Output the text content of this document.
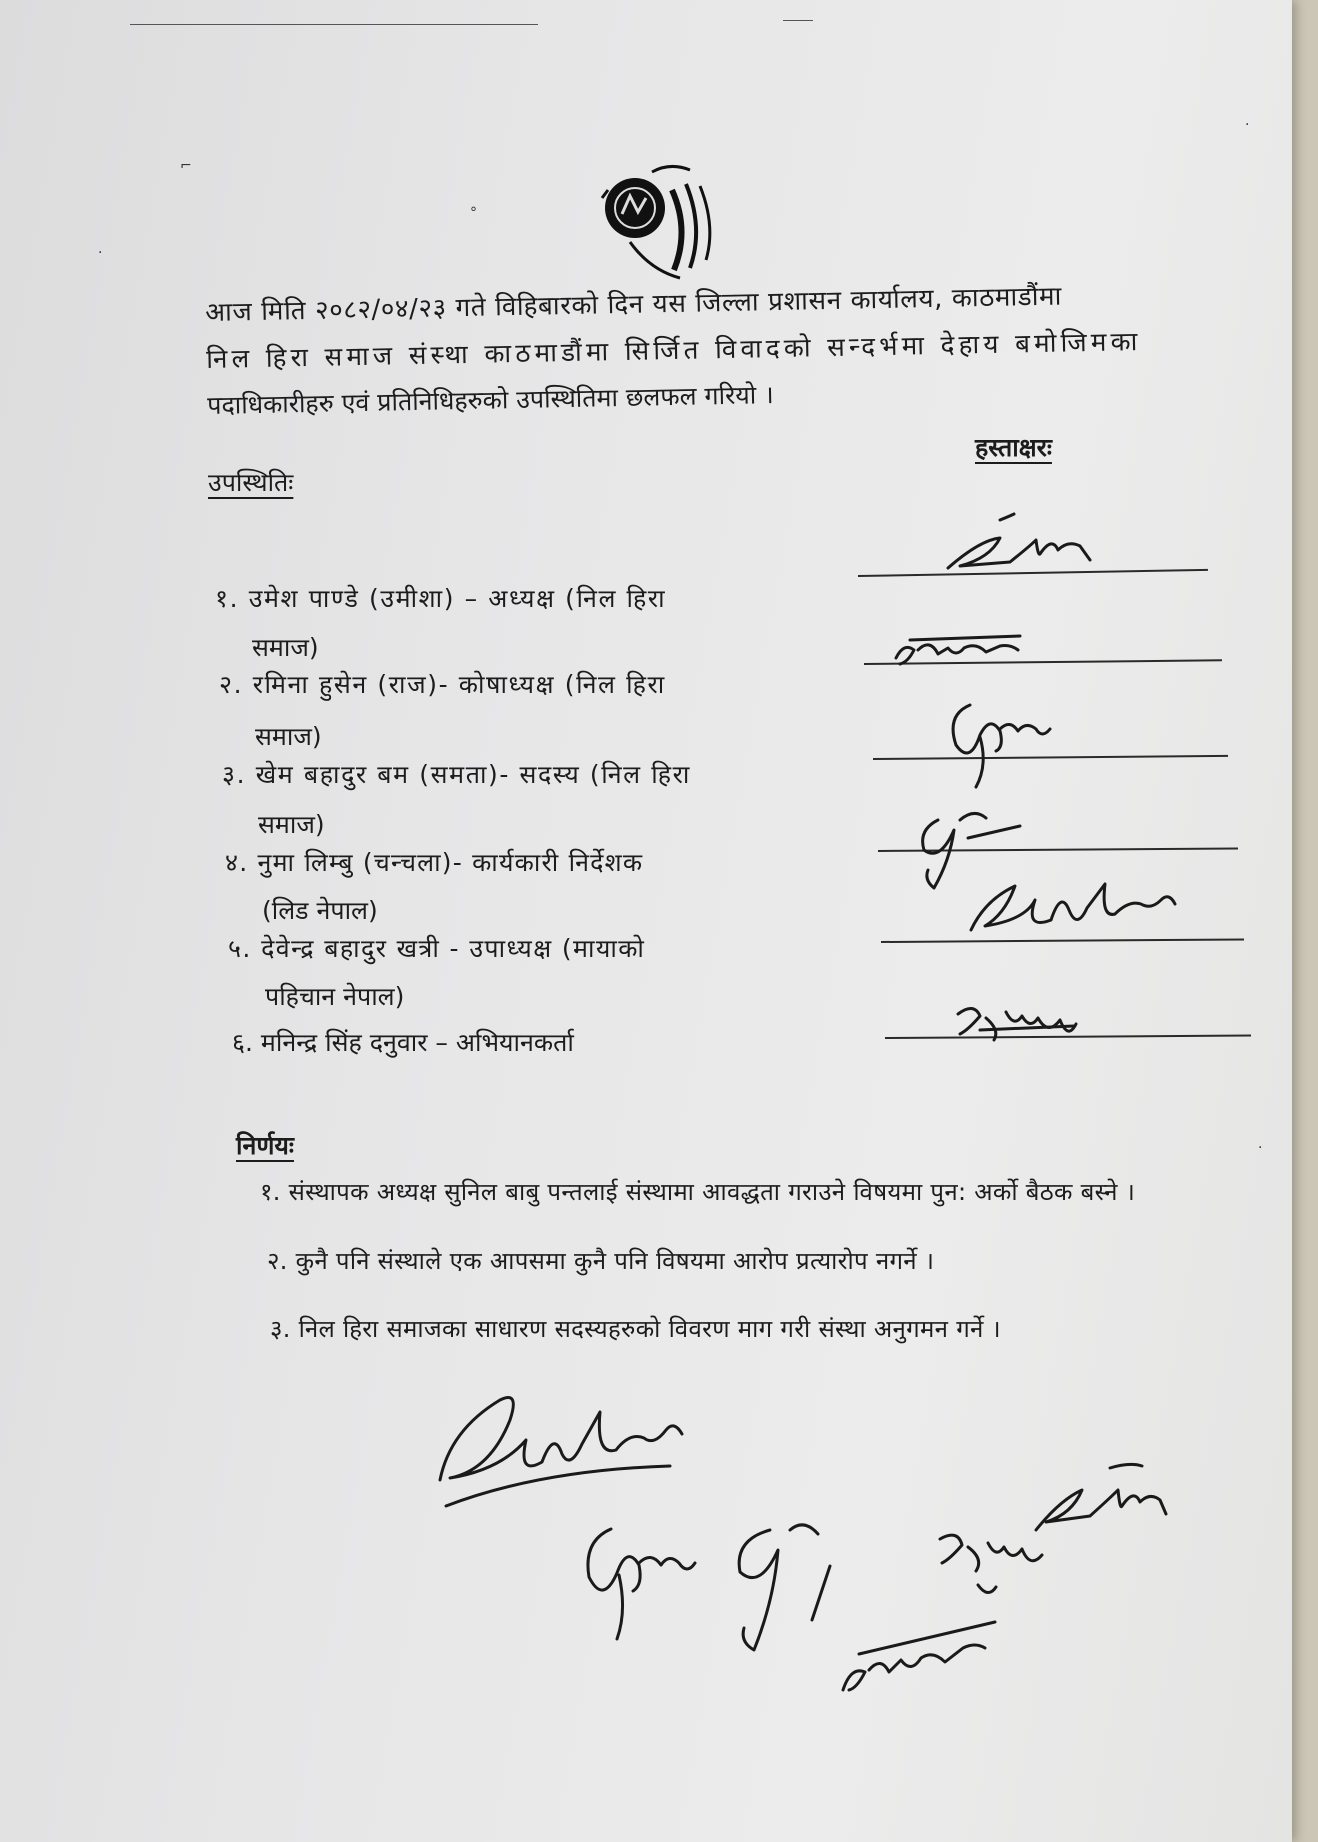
आज मिति २०८२/०४/२३ गते विहिबारको दिन यस जिल्ला प्रशासन कार्यालय, काठमाडौंमा
निल हिरा समाज संस्था काठमाडौंमा सिर्जित विवादको सन्दर्भमा देहाय बमोजिमका
पदाधिकारीहरु एवं प्रतिनिधिहरुको उपस्थितिमा छलफल गरियो ।
हस्ताक्षरः
उपस्थितिः
१. उमेश पाण्डे (उमीशा) – अध्यक्ष (निल हिरा
समाज)
२. रमिना हुसेन (राज)- कोषाध्यक्ष (निल हिरा
समाज)
३. खेम बहादुर बम (समता)- सदस्य (निल हिरा
समाज)
४. नुमा लिम्बु (चन्चला)- कार्यकारी निर्देशक
(लिड नेपाल)
५. देवेन्द्र बहादुर खत्री - उपाध्यक्ष (मायाको
पहिचान नेपाल)
६. मनिन्द्र सिंह दनुवार – अभियानकर्ता
निर्णयः
१. संस्थापक अध्यक्ष सुनिल बाबु पन्तलाई संस्थामा आवद्धता गराउने विषयमा पुन: अर्को बैठक बस्ने ।
२. कुनै पनि संस्थाले एक आपसमा कुनै पनि विषयमा आरोप प्रत्यारोप नगर्ने ।
३. निल हिरा समाजका साधारण सदस्यहरुको विवरण माग गरी संस्था अनुगमन गर्ने ।
⌐
°
·
·
·
